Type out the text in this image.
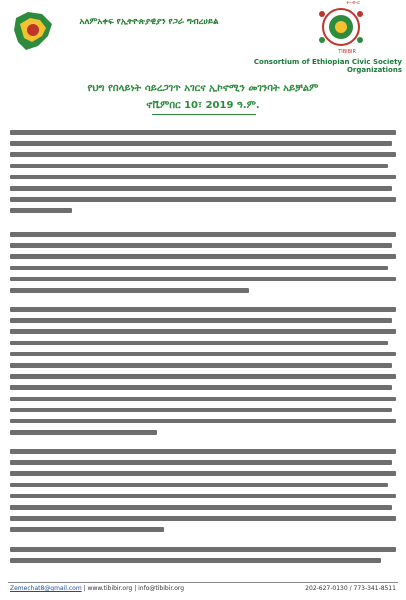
አለምአቀፍ የኢትዮጵያዊያን የጋራ ግብረሀይል
ት-ብ-ር
TIBIBIR
Consortium of Ethiopian Civic Society Organizations
የህግ የበላይነት ሳይረጋገጥ አገርና ኢኮኖሚን መገንባት አይቻልም
ኖቬምበር 10፣ 2019 ዓ.ም.
Zemechat8@gmail.com | www.tibibir.org | info@tibibir.org	202-627-0130 / 773-341-8511
